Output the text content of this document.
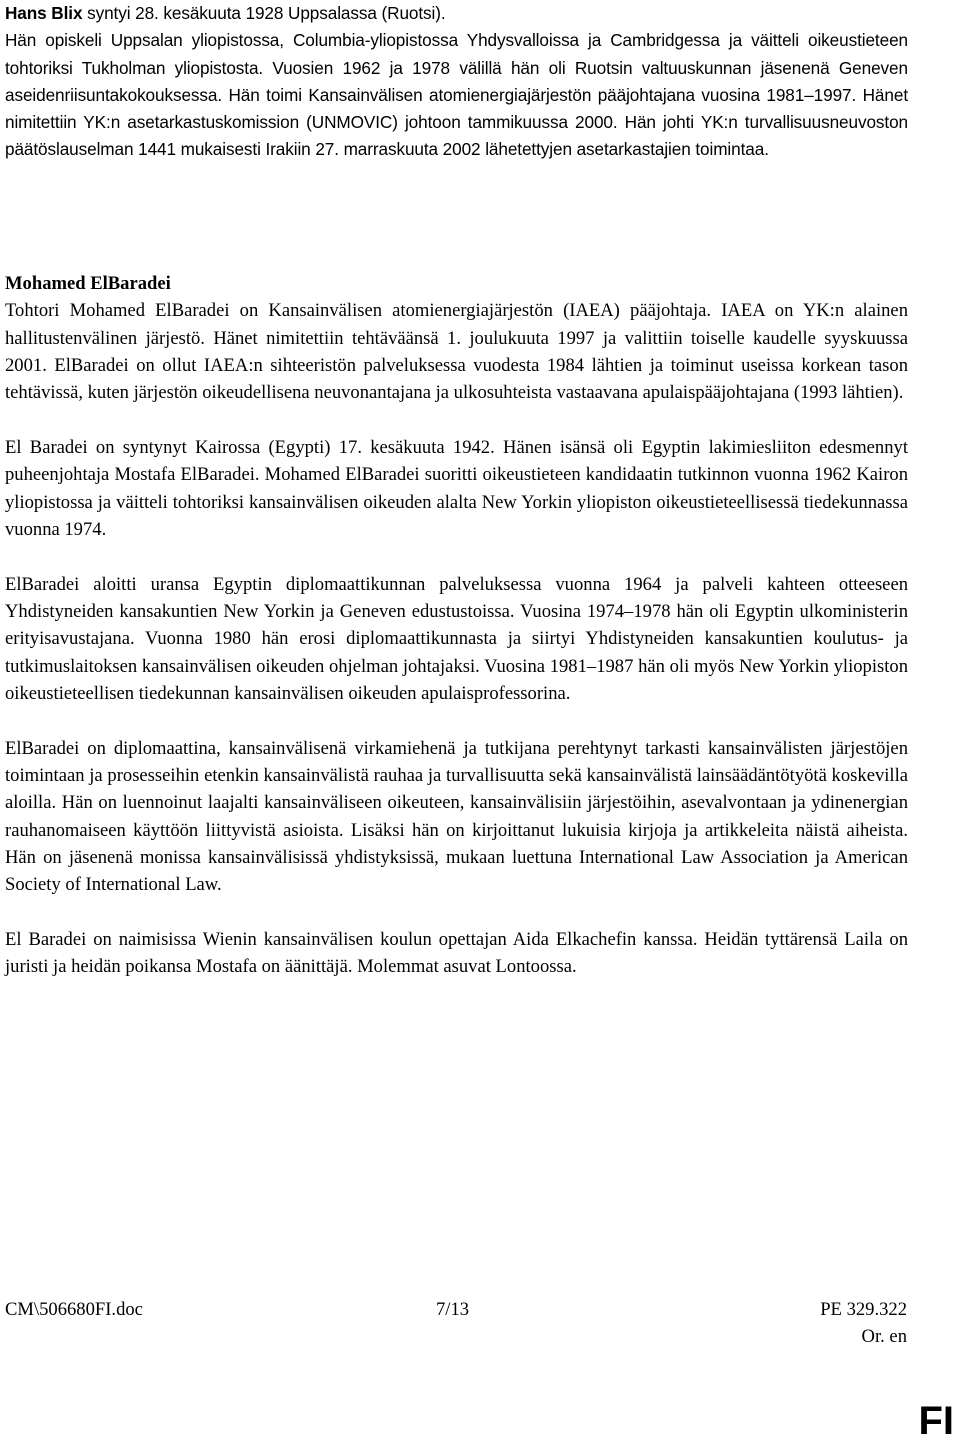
Hans Blix syntyi 28. kesäkuuta 1928 Uppsalassa (Ruotsi).
Hän opiskeli Uppsalan yliopistossa, Columbia-yliopistossa Yhdysvalloissa ja Cambridgessa ja väitteli oikeustieteen tohtoriksi Tukholman yliopistosta. Vuosien 1962 ja 1978 välillä hän oli Ruotsin valtuuskunnan jäsenenä Geneven aseidenriisuntakokouksessa. Hän toimi Kansainvälisen atomienergiajärjestön pääjohtajana vuosina 1981–1997. Hänet nimitettiin YK:n asetarkastuskomission (UNMOVIC) johtoon tammikuussa 2000. Hän johti YK:n turvallisuusneuvoston päätöslauselman 1441 mukaisesti Irakiin 27. marraskuuta 2002 lähetettyjen asetarkastajien toimintaa.

Mohamed ElBaradei

Tohtori Mohamed ElBaradei on Kansainvälisen atomienergiajärjestön (IAEA) pääjohtaja. IAEA on YK:n alainen hallitustenvälinen järjestö. Hänet nimitettiin tehtäväänsä 1. joulukuuta 1997 ja valittiin toiselle kaudelle syyskuussa 2001. ElBaradei on ollut IAEA:n sihteeristön palveluksessa vuodesta 1984 lähtien ja toiminut useissa korkean tason tehtävissä, kuten järjestön oikeudellisena neuvonantajana ja ulkosuhteista vastaavana apulaispääjohtajana (1993 lähtien).

El Baradei on syntynyt Kairossa (Egypti) 17. kesäkuuta 1942. Hänen isänsä oli Egyptin lakimiesliiton edesmennyt puheenjohtaja Mostafa ElBaradei. Mohamed ElBaradei suoritti oikeustieteen kandidaatin tutkinnon vuonna 1962 Kairon yliopistossa ja väitteli tohtoriksi kansainvälisen oikeuden alalta New Yorkin yliopiston oikeustieteellisessä tiedekunnassa vuonna 1974.

ElBaradei aloitti uransa Egyptin diplomaattikunnan palveluksessa vuonna 1964 ja palveli kahteen otteeseen Yhdistyneiden kansakuntien New Yorkin ja Geneven edustustoissa. Vuosina 1974–1978 hän oli Egyptin ulkoministerin erityisavustajana. Vuonna 1980 hän erosi diplomaattikunnasta ja siirtyi Yhdistyneiden kansakuntien koulutus- ja tutkimuslaitoksen kansainvälisen oikeuden ohjelman johtajaksi. Vuosina 1981–1987 hän oli myös New Yorkin yliopiston oikeustieteellisen tiedekunnan kansainvälisen oikeuden apulaisprofessorina.

ElBaradei on diplomaattina, kansainvälisenä virkamiehenä ja tutkijana perehtynyt tarkasti kansainvälisten järjestöjen toimintaan ja prosesseihin etenkin kansainvälistä rauhaa ja turvallisuutta sekä kansainvälistä lainsäädäntötyötä koskevilla aloilla. Hän on luennoinut laajalti kansainväliseen oikeuteen, kansainvälisiin järjestöihin, asevalvontaan ja ydinenergian rauhanomaiseen käyttöön liittyvistä asioista. Lisäksi hän on kirjoittanut lukuisia kirjoja ja artikkeleita näistä aiheista. Hän on jäsenenä monissa kansainvälisissä yhdistyksissä, mukaan luettuna International Law Association ja American Society of International Law.

El Baradei on naimisissa Wienin kansainvälisen koulun opettajan Aida Elkachefin kanssa. Heidän tyttärensä Laila on juristi ja heidän poikansa Mostafa on äänittäjä. Molemmat asuvat Lontoossa.

CM\506680FI.doc	7/13	PE 329.322
Or. en
FI
